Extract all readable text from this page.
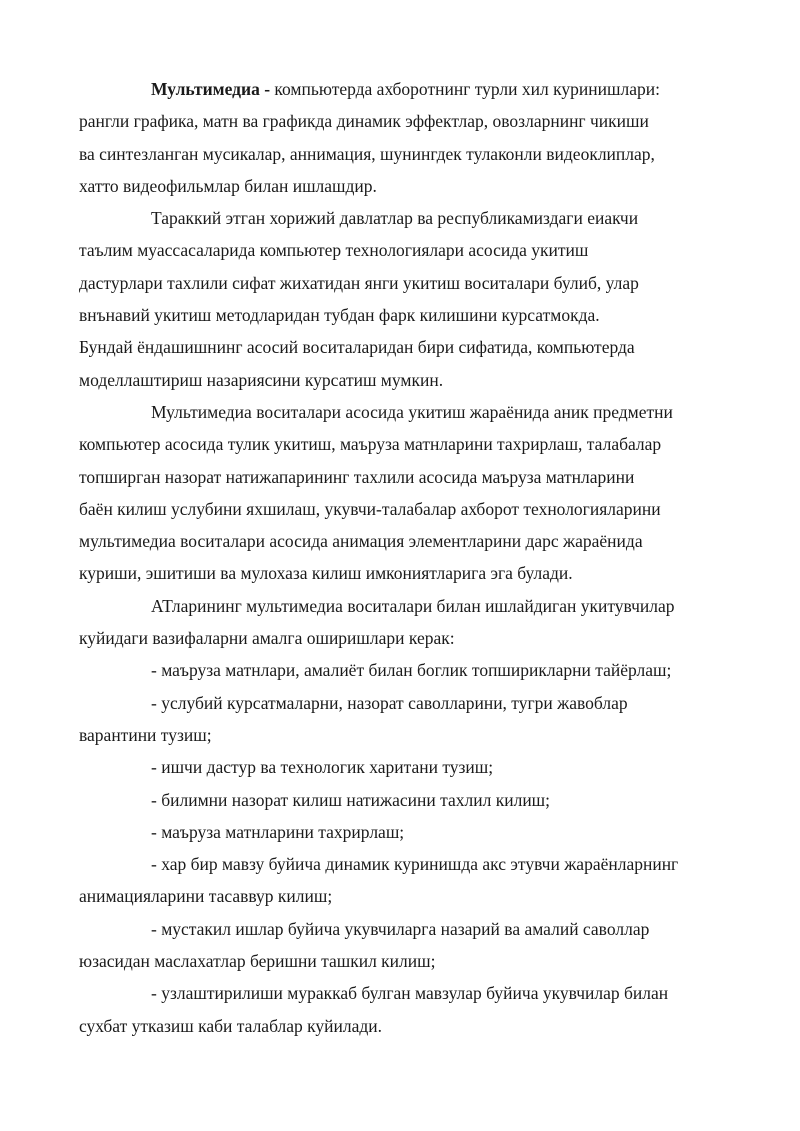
Мультимедиа - компьютерда ахборотнинг турли хил куринишлари:
рангли графика, матн ва графикда динамик эффектлар, овозларнинг чикиши
ва синтезланган мусикалар, аннимация, шунингдек тулаконли видеоклиплар,
хатто видеофильмлар билан ишлашдир.

Тараккий этган хорижий давлатлар ва республикамиздаги еиакчи
таълим муассасаларида компьютер технологиялари асосида укитиш
дастурлари тахлили сифат жихатидан янги укитиш воситалари булиб, улар
внънавий укитиш методларидан тубдан фарк килишини курсатмокда.
Бундай ёндашишнинг асосий воситаларидан бири сифатида, компьютерда
моделлаштириш назариясини курсатиш мумкин.

Мультимедиа воситалари асосида укитиш жараёнида аник предметни
компьютер асосида тулик укитиш, маъруза матнларини тахрирлаш, талабалар
топширган назорат натижапарининг тахлили асосида маъруза матнларини
баён килиш услубини яхшилаш, укувчи-талабалар ахборот технологияларини
мультимедиа воситалари асосида анимация элементларини дарс жараёнида
куриши, эшитиши ва мулохаза килиш имкониятларига эга булади.

АТларининг мультимедиа воситалари билан ишлайдиган укитувчилар
куйидаги вазифаларни амалга оширишлари керак:

- маъруза матнлари, амалиёт билан боглик топширикларни тайёрлаш;

- услубий курсатмаларни, назорат саволларини, тугри жавоблар
варантини тузиш;

- ишчи дастур ва технологик харитани тузиш;

- билимни назорат килиш натижасини тахлил килиш;

- маъруза матнларини тахрирлаш;

- хар бир мавзу буйича динамик куринишда акс этувчи жараёнларнинг
анимацияларини тасаввур килиш;

- мустакил ишлар буйича укувчиларга назарий ва амалий саволлар
юзасидан маслахатлар беришни ташкил килиш;

- узлаштирилиши мураккаб булган мавзулар буйича укувчилар билан
сухбат утказиш каби талаблар куйилади.
